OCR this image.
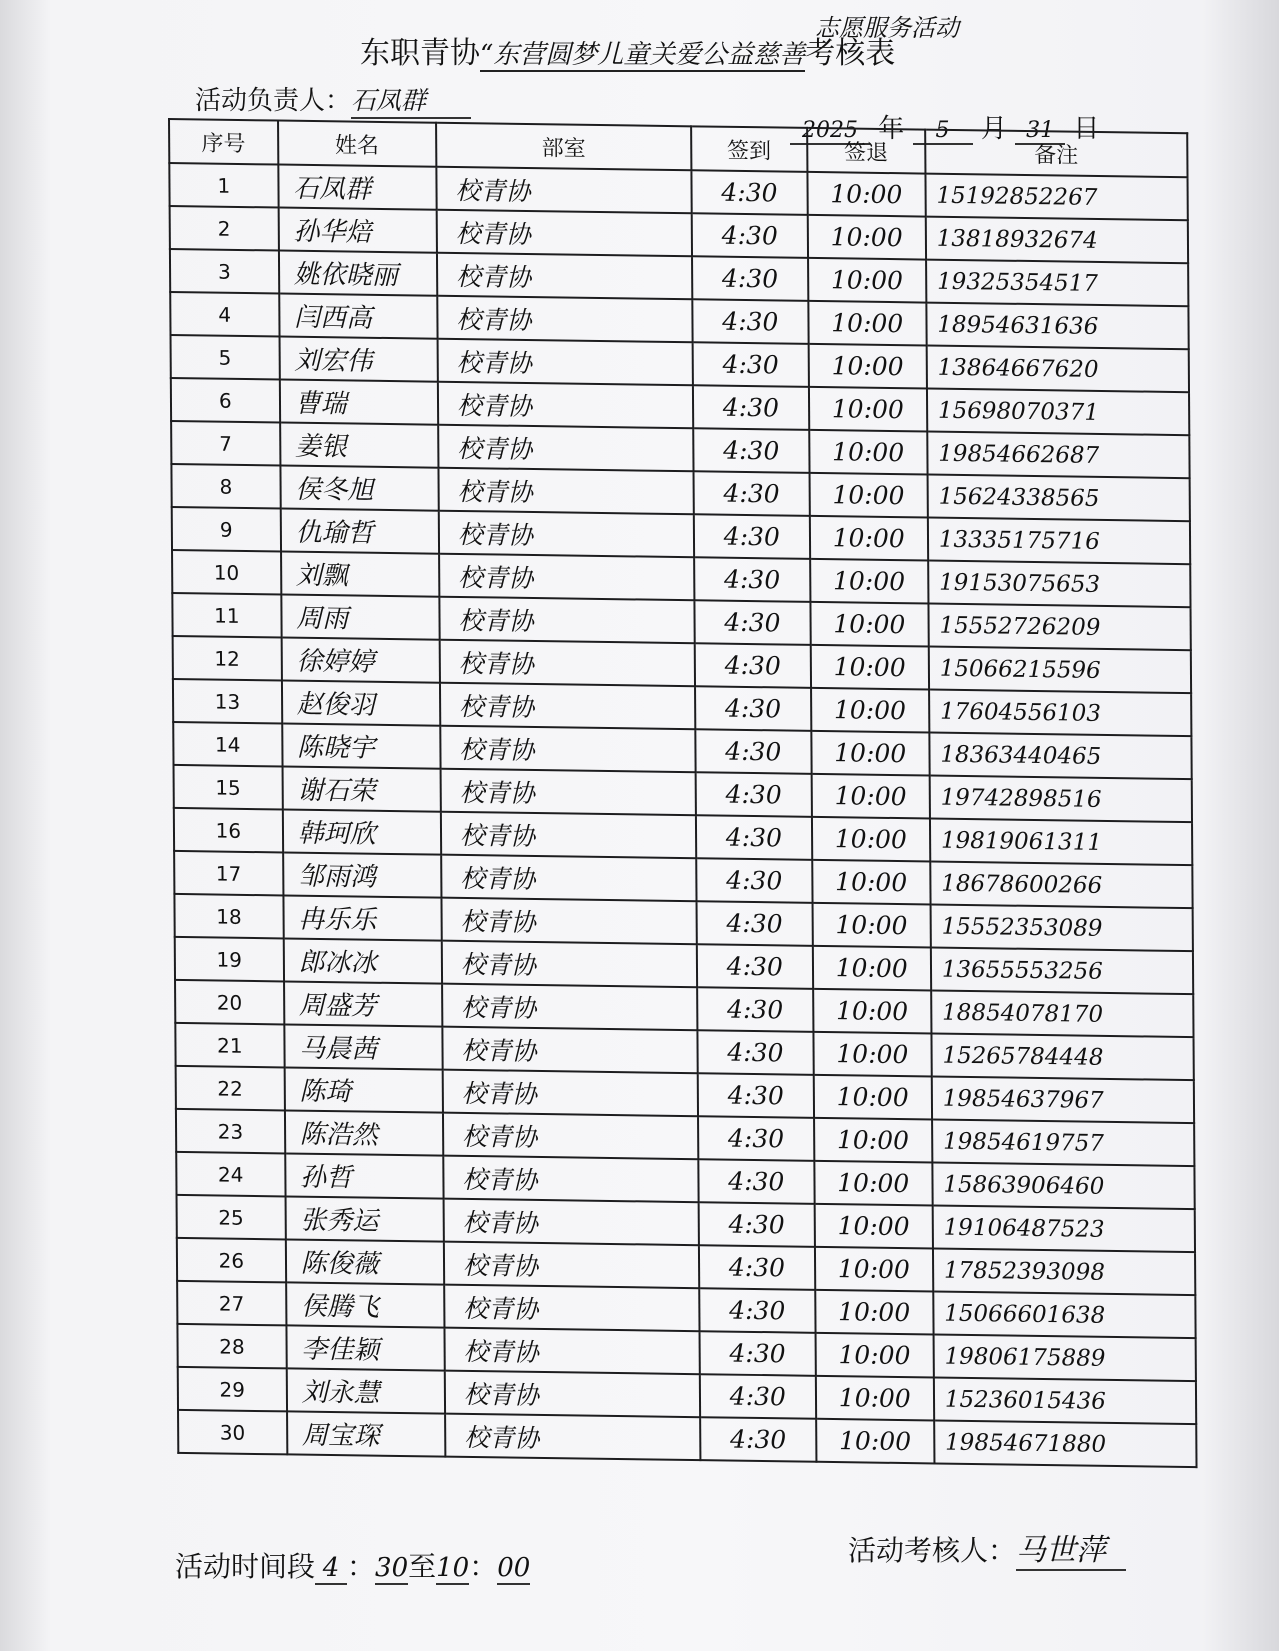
志愿服务活动
东职青协“东营圆梦儿童关爱公益慈善考核表
活动负责人：石凤群
2025 年 5 月 31 日
序号	姓名	部室	签到	签退	备注
1	石凤群	校青协	4:30	10:00	15192852267
2	孙华焙	校青协	4:30	10:00	13818932674
3	姚依晓丽	校青协	4:30	10:00	19325354517
4	闫西高	校青协	4:30	10:00	18954631636
5	刘宏伟	校青协	4:30	10:00	13864667620
6	曹瑞	校青协	4:30	10:00	15698070371
7	姜银	校青协	4:30	10:00	19854662687
8	侯冬旭	校青协	4:30	10:00	15624338565
9	仇瑜哲	校青协	4:30	10:00	13335175716
10	刘飘	校青协	4:30	10:00	19153075653
11	周雨	校青协	4:30	10:00	15552726209
12	徐婷婷	校青协	4:30	10:00	15066215596
13	赵俊羽	校青协	4:30	10:00	17604556103
14	陈晓宇	校青协	4:30	10:00	18363440465
15	谢石荣	校青协	4:30	10:00	19742898516
16	韩珂欣	校青协	4:30	10:00	19819061311
17	邹雨鸿	校青协	4:30	10:00	18678600266
18	冉乐乐	校青协	4:30	10:00	15552353089
19	郎冰冰	校青协	4:30	10:00	13655553256
20	周盛芳	校青协	4:30	10:00	18854078170
21	马晨茜	校青协	4:30	10:00	15265784448
22	陈琦	校青协	4:30	10:00	19854637967
23	陈浩然	校青协	4:30	10:00	19854619757
24	孙哲	校青协	4:30	10:00	15863906460
25	张秀运	校青协	4:30	10:00	19106487523
26	陈俊薇	校青协	4:30	10:00	17852393098
27	侯腾飞	校青协	4:30	10:00	15066601638
28	李佳颖	校青协	4:30	10:00	19806175889
29	刘永慧	校青协	4:30	10:00	15236015436
30	周宝琛	校青协	4:30	10:00	19854671880
活动时间段 4 ：30至10：00
活动考核人：马世萍
